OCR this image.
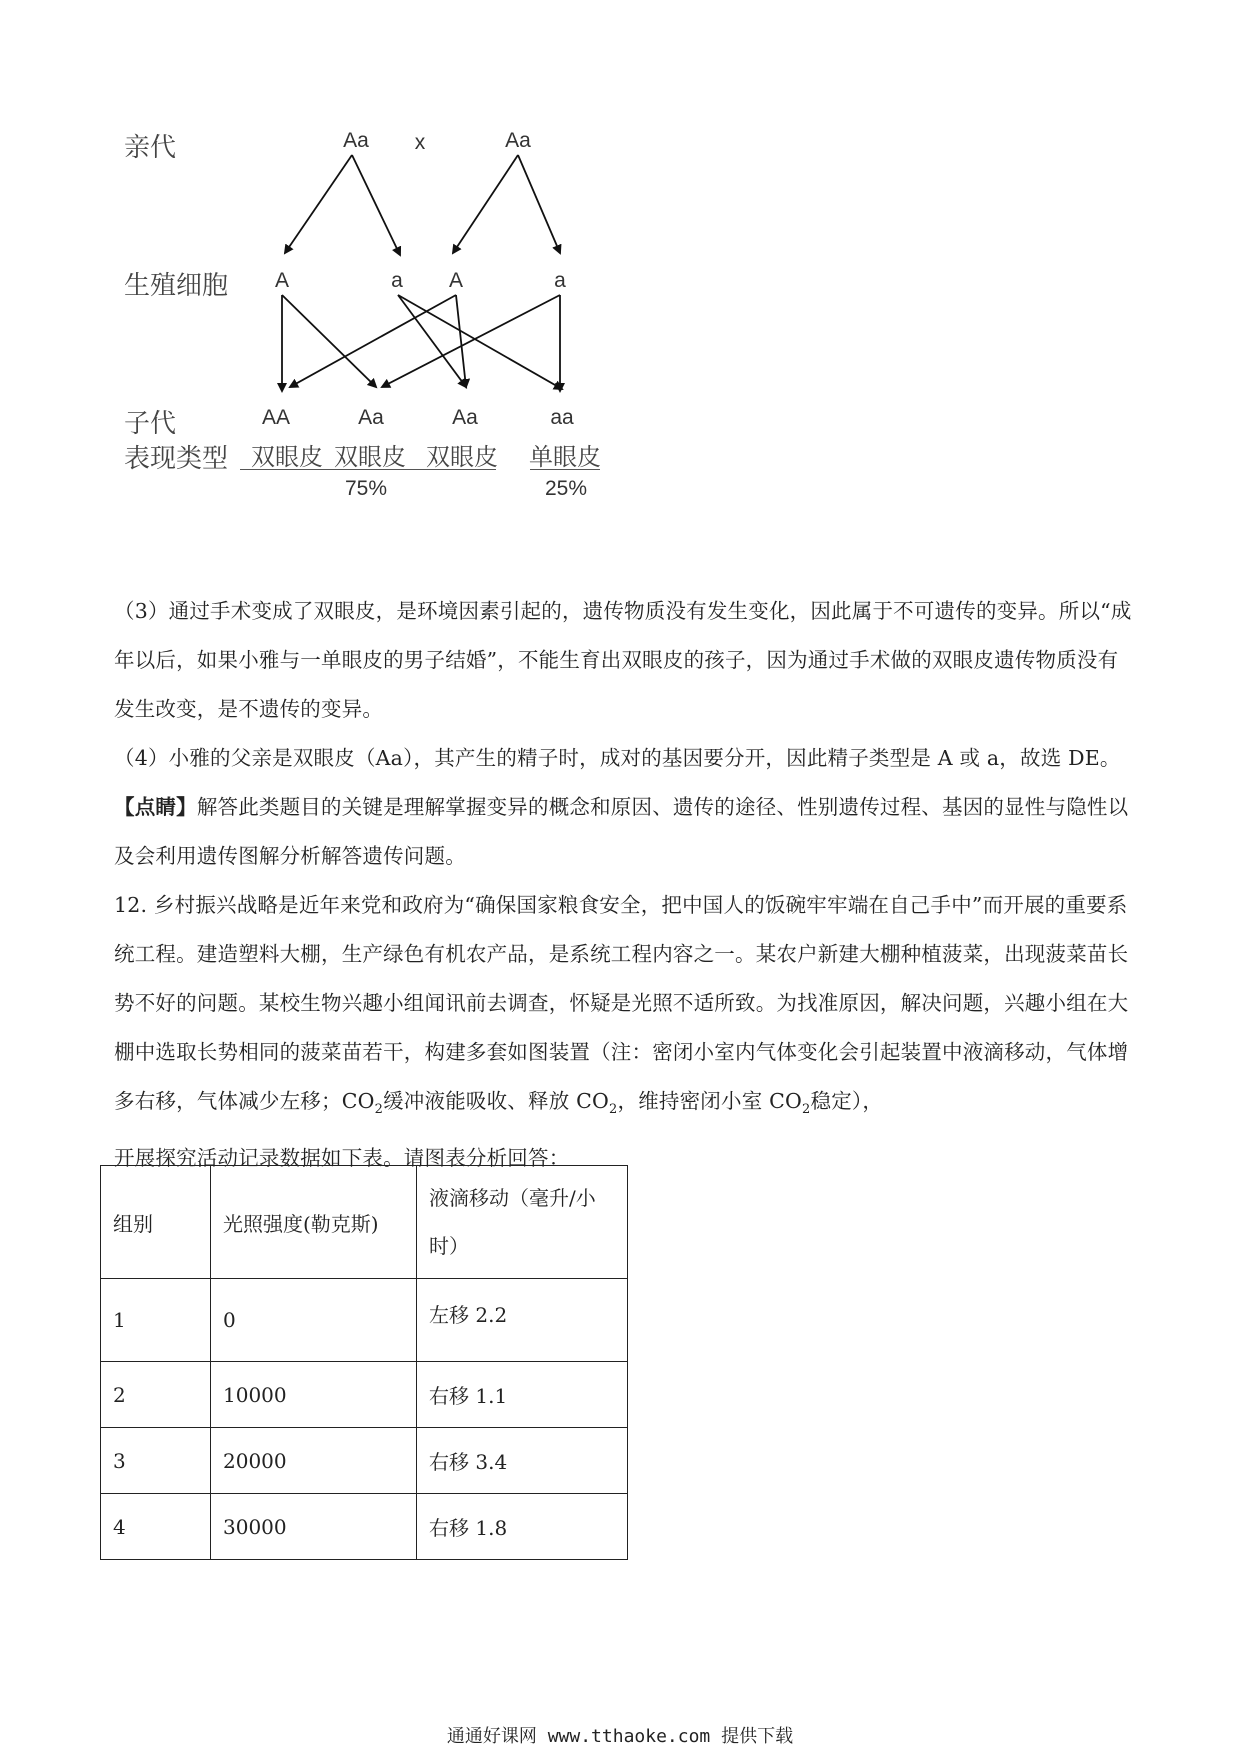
亲代
生殖细胞
子代
表现类型
Aa x	Aa
A	a A	a
AA	Aa	Aa	aa
双眼皮 双眼皮 双眼皮 单眼皮
75%	25%

（3）通过手术变成了双眼皮，是环境因素引起的，遗传物质没有发生变化，因此属于不可遗传的变异。所以“成年以后，如果小雅与一单眼皮的男子结婚”，不能生育出双眼皮的孩子，因为通过手术做的双眼皮遗传物质没有发生改变，是不遗传的变异。

（4）小雅的父亲是双眼皮（Aa），其产生的精子时，成对的基因要分开，因此精子类型是 A 或 a，故选 DE。

【点睛】解答此类题目的关键是理解掌握变异的概念和原因、遗传的途径、性别遗传过程、基因的显性与隐性以及会利用遗传图解分析解答遗传问题。

12. 乡村振兴战略是近年来党和政府为“确保国家粮食安全，把中国人的饭碗牢牢端在自己手中”而开展的重要系统工程。建造塑料大棚，生产绿色有机农产品，是系统工程内容之一。某农户新建大棚种植菠菜，出现菠菜苗长势不好的问题。某校生物兴趣小组闻讯前去调查，怀疑是光照不适所致。为找准原因，解决问题，兴趣小组在大棚中选取长势相同的菠菜苗若干，构建多套如图装置（注：密闭小室内气体变化会引起装置中液滴移动，气体增多右移，气体减少左移；$CO_2$缓冲液能吸收、释放 $CO_2$，维持密闭小室 $CO_2$稳定），

开展探究活动记录数据如下表。请图表分析回答：

组别	光照强度(勒克斯)	液滴移动（毫升/小时）
1	0	左移 2.2
2	10000	右移 1.1
3	20000	右移 3.4
4	30000	右移 1.8
通通好课网 www.tthaoke.com 提供下载
